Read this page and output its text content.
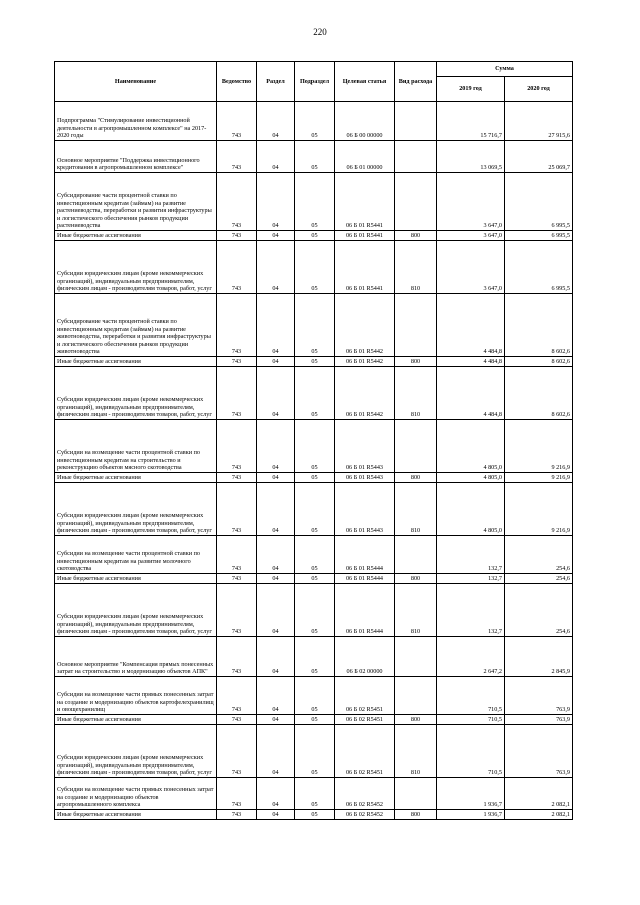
220
Наименование	Ведомство	Раздел	Подраздел	Целевая статья	Вид расхода	Сумма	
						2019 год	2020 год
Подпрограмма "Стимулирование инвестиционной деятельности в агропромышленном комплексе" на 2017-2020 годы	743	04	05	06 Б 00 00000		15 716,7	27 915,6
Основное мероприятие "Поддержка инвестиционного кредитования в агропромышленном комплексе"	743	04	05	06 Б 01 00000		13 069,5	25 069,7
Субсидирование части процентной ставки по инвестиционным кредитам (займам) на развитие растениеводства, переработки и развития инфраструктуры и логистического обеспечения рынков продукции растениеводства	743	04	05	06 Б 01 R5441		3 647,0	6 995,5
Иные бюджетные ассигнования	743	04	05	06 Б 01 R5441	800	3 647,0	6 995,5
Субсидии юридическим лицам (кроме некоммерческих организаций), индивидуальным предпринимателям, физическим лицам - производителям товаров, работ, услуг	743	04	05	06 Б 01 R5441	810	3 647,0	6 995,5
Субсидирование части процентной ставки по инвестиционным кредитам (займам) на развитие животноводства, переработки и развития инфраструктуры и логистического обеспечения рынков продукции животноводства	743	04	05	06 Б 01 R5442		4 484,8	8 602,6
Иные бюджетные ассигнования	743	04	05	06 Б 01 R5442	800	4 484,8	8 602,6
Субсидии юридическим лицам (кроме некоммерческих организаций), индивидуальным предпринимателям, физическим лицам - производителям товаров, работ, услуг	743	04	05	06 Б 01 R5442	810	4 484,8	8 602,6
Субсидии на возмещение части процентной ставки по инвестиционным кредитам на строительство и реконструкцию объектов мясного скотоводства	743	04	05	06 Б 01 R5443		4 805,0	9 216,9
Иные бюджетные ассигнования	743	04	05	06 Б 01 R5443	800	4 805,0	9 216,9
Субсидии юридическим лицам (кроме некоммерческих организаций), индивидуальным предпринимателям, физическим лицам - производителям товаров, работ, услуг	743	04	05	06 Б 01 R5443	810	4 805,0	9 216,9
Субсидии на возмещение части процентной ставки по инвестиционным кредитам на развитие молочного скотоводства	743	04	05	06 Б 01 R5444		132,7	254,6
Иные бюджетные ассигнования	743	04	05	06 Б 01 R5444	800	132,7	254,6
Субсидии юридическим лицам (кроме некоммерческих организаций), индивидуальным предпринимателям, физическим лицам - производителям товаров, работ, услуг	743	04	05	06 Б 01 R5444	810	132,7	254,6
Основное мероприятие "Компенсация прямых понесенных затрат на строительство и модернизацию объектов АПК"	743	04	05	06 Б 02 00000		2 647,2	2 845,9
Субсидии на возмещение части прямых понесенных затрат на создание и модернизацию объектов картофелехранилищ и овощехранилищ	743	04	05	06 Б 02 R5451		710,5	763,9
Иные бюджетные ассигнования	743	04	05	06 Б 02 R5451	800	710,5	763,9
Субсидии юридическим лицам (кроме некоммерческих организаций), индивидуальным предпринимателям, физическим лицам - производителям товаров, работ, услуг	743	04	05	06 Б 02 R5451	810	710,5	763,9
Субсидии на возмещение части прямых понесенных затрат на создание и модернизацию объектов агропромышленного комплекса	743	04	05	06 Б 02 R5452		1 936,7	2 082,1
Иные бюджетные ассигнования	743	04	05	06 Б 02 R5452	800	1 936,7	2 082,1
